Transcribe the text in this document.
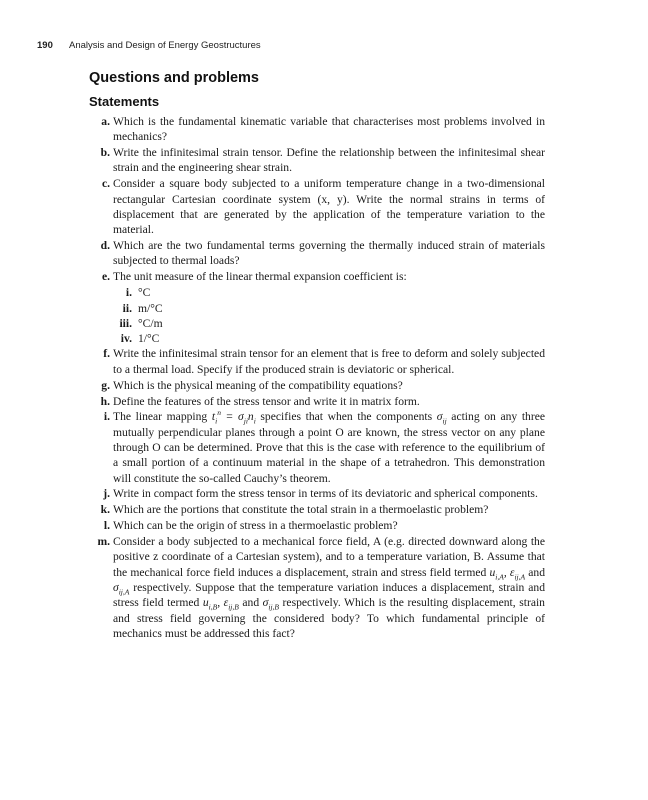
190 Analysis and Design of Energy Geostructures
Questions and problems
Statements
a. Which is the fundamental kinematic variable that characterises most problems involved in mechanics?
b. Write the infinitesimal strain tensor. Define the relationship between the infinitesimal shear strain and the engineering shear strain.
c. Consider a square body subjected to a uniform temperature change in a two-dimensional rectangular Cartesian coordinate system (x, y). Write the normal strains in terms of displacement that are generated by the application of the temperature variation to the material.
d. Which are the two fundamental terms governing the thermally induced strain of materials subjected to thermal loads?
e. The unit measure of the linear thermal expansion coefficient is:
i. °C
ii. m/°C
iii. °C/m
iv. 1/°C
f. Write the infinitesimal strain tensor for an element that is free to deform and solely subjected to a thermal load. Specify if the produced strain is deviatoric or spherical.
g. Which is the physical meaning of the compatibility equations?
h. Define the features of the stress tensor and write it in matrix form.
i. The linear mapping $t_i^n = \sigma_{ji}n_i$ specifies that when the components $\sigma_{ij}$ acting on any three mutually perpendicular planes through a point O are known, the stress vector on any plane through O can be determined. Prove that this is the case with reference to the equilibrium of a small portion of a continuum material in the shape of a tetrahedron. This demonstration will constitute the so-called Cauchy’s theorem.
j. Write in compact form the stress tensor in terms of its deviatoric and spherical components.
k. Which are the portions that constitute the total strain in a thermoelastic problem?
l. Which can be the origin of stress in a thermoelastic problem?
m. Consider a body subjected to a mechanical force field, A (e.g. directed downward along the positive z coordinate of a Cartesian system), and to a temperature variation, B. Assume that the mechanical force field induces a displacement, strain and stress field termed $u_{i,A}$, $\varepsilon_{ij,A}$ and $\sigma_{ij,A}$ respectively. Suppose that the temperature variation induces a displacement, strain and stress field termed $u_{i,B}$, $\varepsilon_{ij,B}$ and $\sigma_{ij,B}$ respectively. Which is the resulting displacement, strain and stress field governing the considered body? To which fundamental principle of mechanics must be addressed this fact?
